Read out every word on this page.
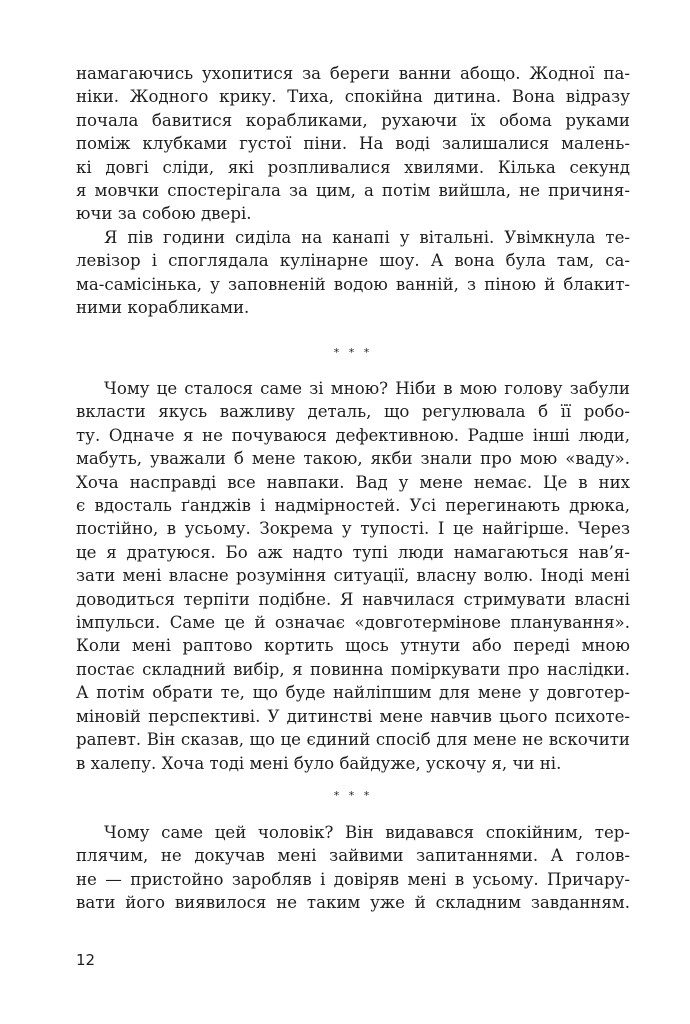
намагаючись ухопитися за береги ванни абощо. Жодної па-
ніки. Жодного крику. Тиха, спокійна дитина. Вона відразу
почала бавитися корабликами, рухаючи їх обома руками
поміж клубками густої піни. На воді залишалися малень-
кі довгі сліди, які розпливалися хвилями. Кілька секунд
я мовчки спостерігала за цим, а потім вийшла, не причиня-
ючи за собою двері.
Я пів години сиділа на канапі у вітальні. Увімкнула те-
левізор і споглядала кулінарне шоу. А вона була там, са-
ма-самісінька, у заповненій водою ванній, з піною й блакит-
ними корабликами.
* * *
Чому це сталося саме зі мною? Ніби в мою голову забули
вкласти якусь важливу деталь, що регулювала б її робо-
ту. Одначе я не почуваюся дефективною. Радше інші люди,
мабуть, уважали б мене такою, якби знали про мою «ваду».
Хоча насправді все навпаки. Вад у мене немає. Це в них
є вдосталь ґанджів і надмірностей. Усі перегинають дрюка,
постійно, в усьому. Зокрема у тупості. І це найгірше. Через
це я дратуюся. Бо аж надто тупі люди намагаються нав’я-
зати мені власне розуміння ситуації, власну волю. Іноді мені
доводиться терпіти подібне. Я навчилася стримувати власні
імпульси. Саме це й означає «довготермінове планування».
Коли мені раптово кортить щось утнути або переді мною
постає складний вибір, я повинна поміркувати про наслідки.
А потім обрати те, що буде найліпшим для мене у довготер-
міновій перспективі. У дитинстві мене навчив цього психоте-
рапевт. Він сказав, що це єдиний спосіб для мене не вскочити
в халепу. Хоча тоді мені було байдуже, ускочу я, чи ні.
* * *
Чому саме цей чоловік? Він видавався спокійним, тер-
плячим, не докучав мені зайвими запитаннями. А голов-
не — пристойно заробляв і довіряв мені в усьому. Причару-
вати його виявилося не таким уже й складним завданням.
12
